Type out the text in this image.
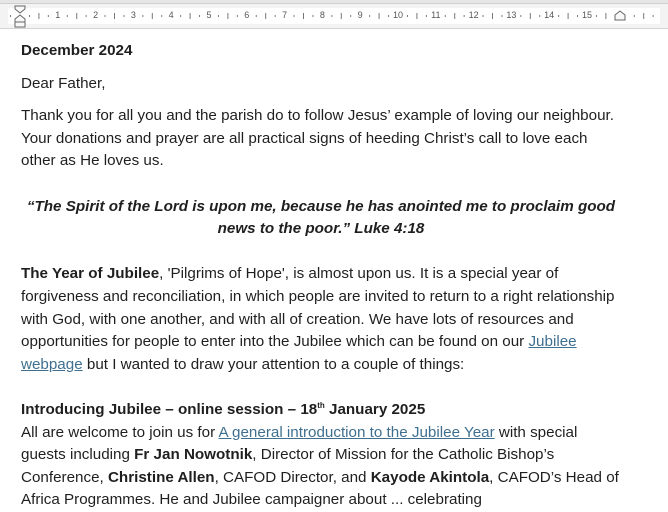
1	2	3	4	5	6	7	8	9	10	11	12	13	14	15

December 2024

Dear Father,

Thank you for all you and the parish do to follow Jesus’ example of loving our neighbour. Your donations and prayer are all practical signs of heeding Christ’s call to love each other as He loves us.

“The Spirit of the Lord is upon me, because he has anointed me to proclaim good news to the poor.” Luke 4:18

The Year of Jubilee, 'Pilgrims of Hope', is almost upon us. It is a special year of forgiveness and reconciliation, in which people are invited to return to a right relationship with God, with one another, and with all of creation. We have lots of resources and opportunities for people to enter into the Jubilee which can be found on our Jubilee webpage but I wanted to draw your attention to a couple of things:

Introducing Jubilee – online session – 18th January 2025

All are welcome to join us for A general introduction to the Jubilee Year with special guests including Fr Jan Nowotnik, Director of Mission for the Catholic Bishop’s Conference, Christine Allen, CAFOD Director, and Kayode Akintola, CAFOD’s Head of Africa Programmes. He and Jubilee campaigner about ... celebrating
